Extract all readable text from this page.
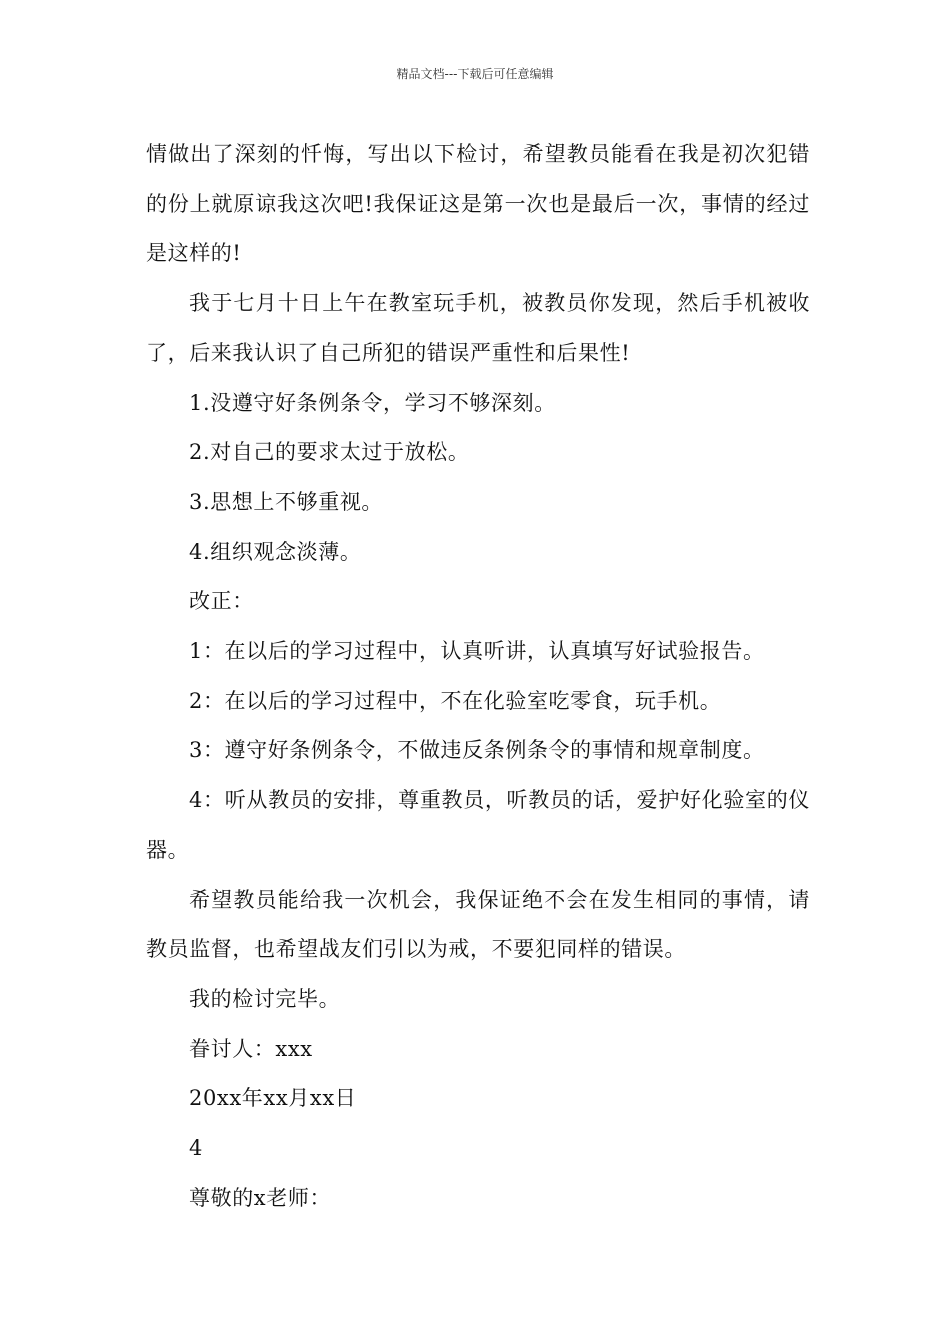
精品文档---下载后可任意编辑

情做出了深刻的忏悔，写出以下检讨，希望教员能看在我是初次犯错的份上就原谅我这次吧!我保证这是第一次也是最后一次，事情的经过是这样的!

我于七月十日上午在教室玩手机，被教员你发现，然后手机被收了，后来我认识了自己所犯的错误严重性和后果性!

1.没遵守好条例条令，学习不够深刻。

2.对自己的要求太过于放松。

3.思想上不够重视。

4.组织观念淡薄。

改正：

1：在以后的学习过程中，认真听讲，认真填写好试验报告。

2：在以后的学习过程中，不在化验室吃零食，玩手机。

3：遵守好条例条令，不做违反条例条令的事情和规章制度。

4：听从教员的安排，尊重教员，听教员的话，爱护好化验室的仪器。

希望教员能给我一次机会，我保证绝不会在发生相同的事情，请教员监督，也希望战友们引以为戒，不要犯同样的错误。

我的检讨完毕。

眷讨人：xxx

20xx年xx月xx日

4

尊敬的x老师：
